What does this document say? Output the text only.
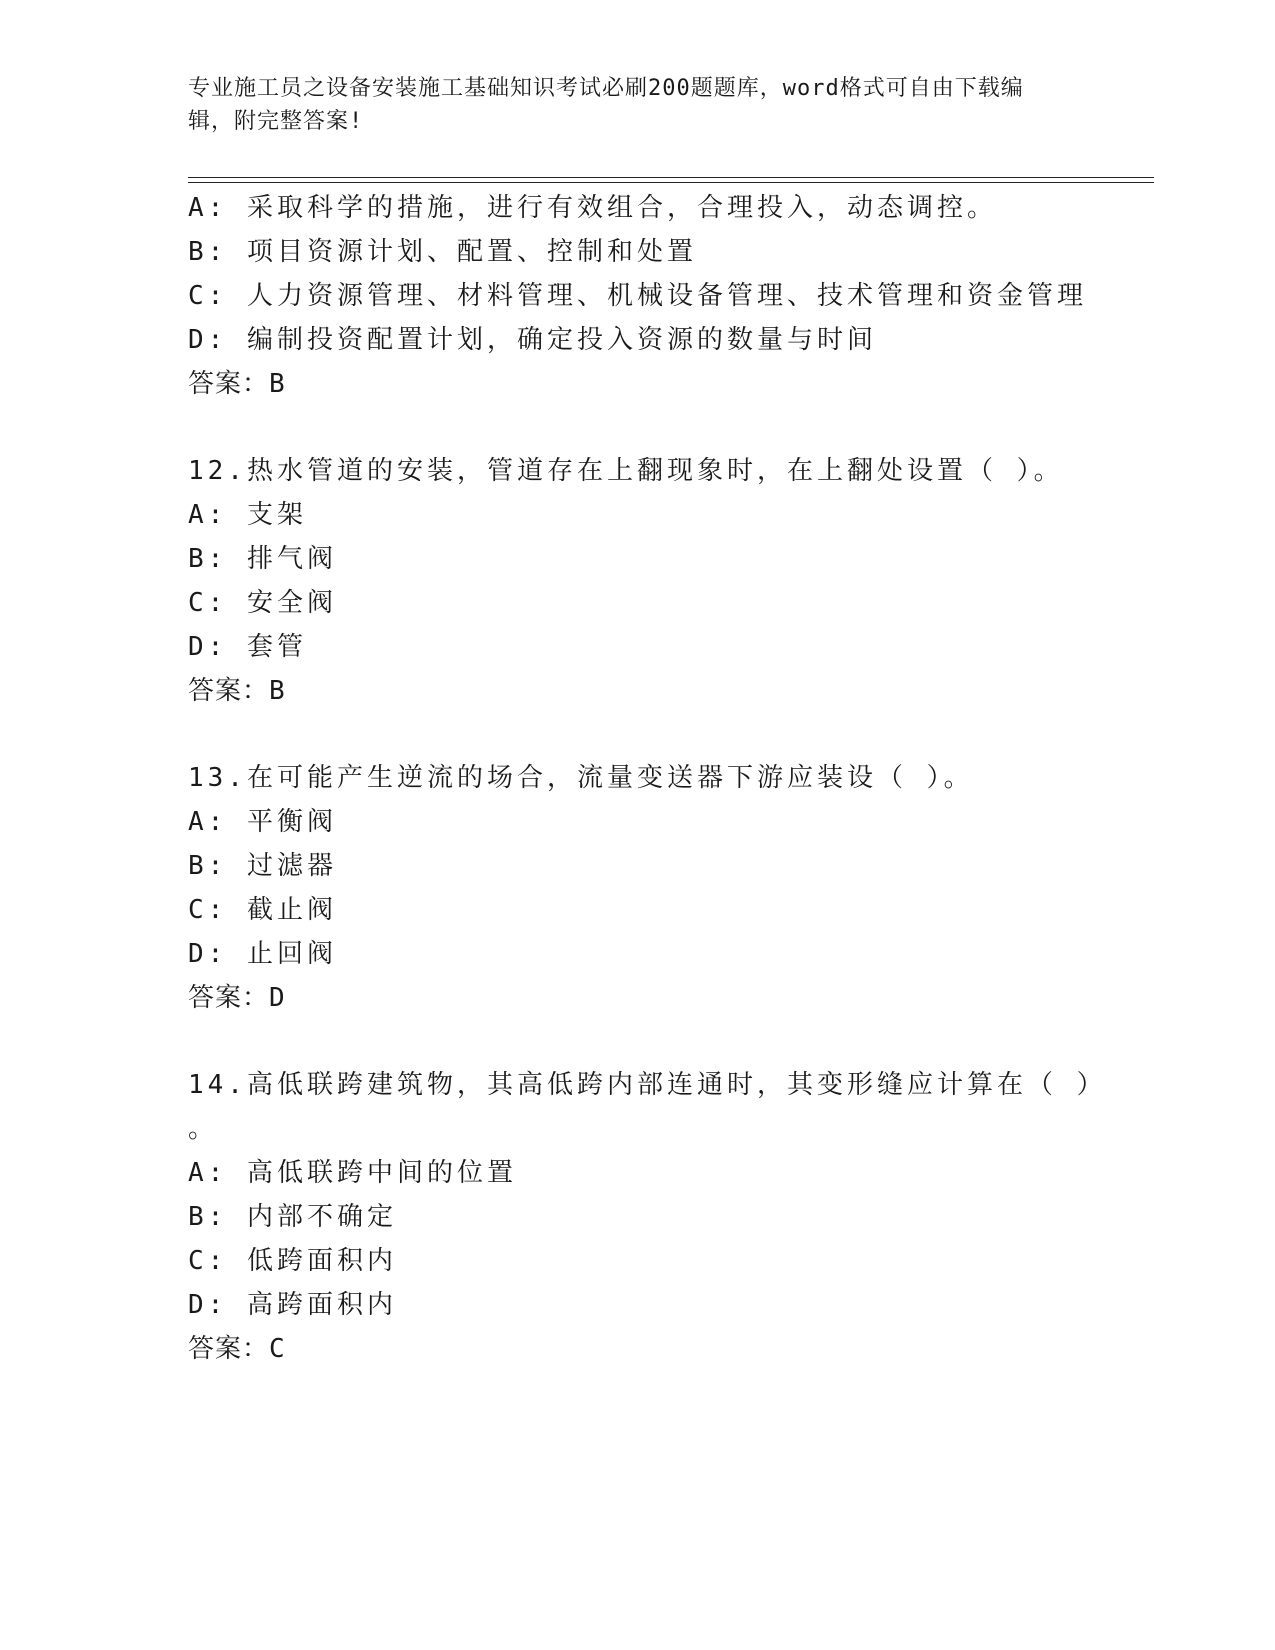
专业施工员之设备安装施工基础知识考试必刷200题题库，word格式可自由下载编辑，附完整答案!
A: 采取科学的措施，进行有效组合，合理投入，动态调控。
B: 项目资源计划、配置、控制和处置
C: 人力资源管理、材料管理、机械设备管理、技术管理和资金管理
D: 编制投资配置计划，确定投入资源的数量与时间
答案：B
12.热水管道的安装，管道存在上翻现象时，在上翻处设置（ ）。
A: 支架
B: 排气阀
C: 安全阀
D: 套管
答案：B
13.在可能产生逆流的场合，流量变送器下游应装设（ ）。
A: 平衡阀
B: 过滤器
C: 截止阀
D: 止回阀
答案：D
14.高低联跨建筑物，其高低跨内部连通时，其变形缝应计算在（ ）
。
A: 高低联跨中间的位置
B: 内部不确定
C: 低跨面积内
D: 高跨面积内
答案：C
